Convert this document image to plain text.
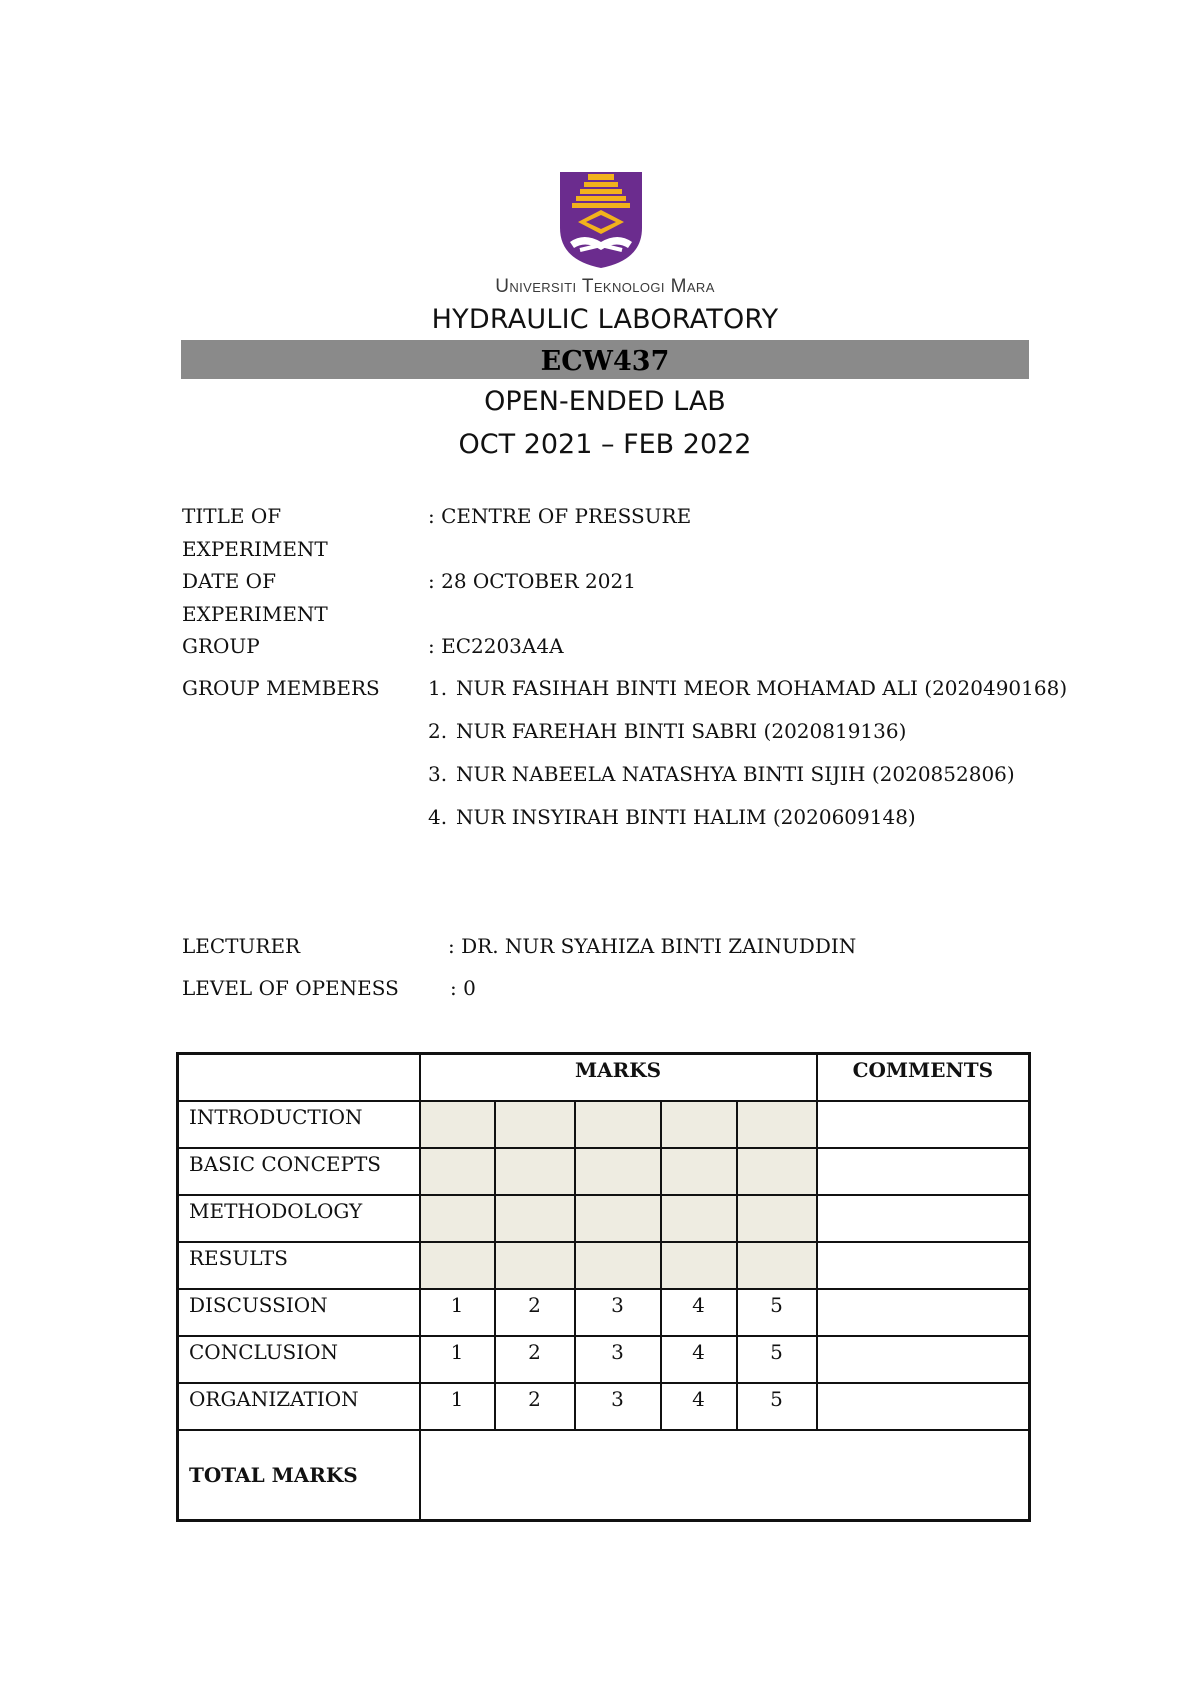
Universiti Teknologi Mara
HYDRAULIC LABORATORY
ECW437
OPEN-ENDED LAB
OCT 2021 – FEB 2022
TITLE OF EXPERIMENT
: CENTRE OF PRESSURE
DATE OF EXPERIMENT
: 28 OCTOBER 2021
GROUP	: EC2203A4A
GROUP MEMBERS	1. NUR FASIHAH BINTI MEOR MOHAMAD ALI (2020490168)
2. NUR FAREHAH BINTI SABRI (2020819136)
3. NUR NABEELA NATASHYA BINTI SIJIH (2020852806)
4. NUR INSYIRAH BINTI HALIM (2020609148)
LECTURER	: DR. NUR SYAHIZA BINTI ZAINUDDIN
LEVEL OF OPENESS	: 0
	MARKS					COMMENTS
INTRODUCTION						
BASIC CONCEPTS						
METHODOLOGY						
RESULTS						
DISCUSSION	1	2	3	4	5	
CONCLUSION	1	2	3	4	5	
ORGANIZATION	1	2	3	4	5	
TOTAL MARKS						
